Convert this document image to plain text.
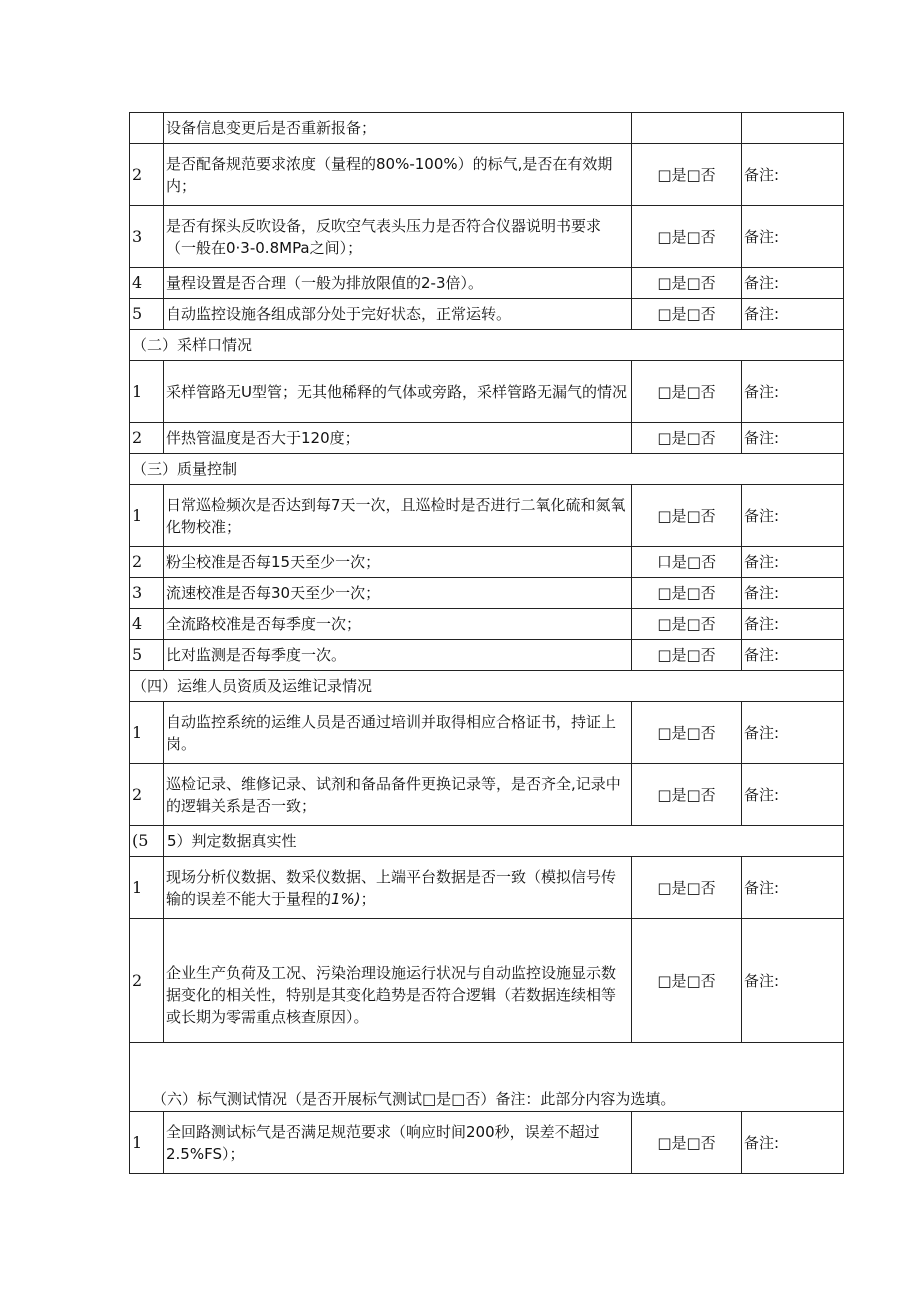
	设备信息变更后是否重新报备；		
2	是否配备规范要求浓度（量程的80%-100%）的标气,是否在有效期内；	□是□否	备注:
3	是否有探头反吹设备，反吹空气表头压力是否符合仪器说明书要求（一般在0·3-0.8MPa之间）；	□是□否	备注:
4	量程设置是否合理（一般为排放限值的2-3倍）。	□是□否	备注:
5	自动监控设施各组成部分处于完好状态，正常运转。	□是□否	备注:
（二）采样口情况			
1	采样管路无U型管；无其他稀释的气体或旁路，采样管路无漏气的情况	□是□否	备注:
2	伴热管温度是否大于120度；	□是□否	备注:
（三）质量控制			
1	日常巡检频次是否达到每7天一次，且巡检时是否进行二氧化硫和氮氧化物校准；	□是□否	备注:
2	粉尘校准是否每15天至少一次；	口是□否	备注:
3	流速校准是否每30天至少一次；	□是□否	备注:
4	全流路校准是否每季度一次；	□是□否	备注:
5	比对监测是否每季度一次。	□是□否	备注:
（四）运维人员资质及运维记录情况			
1	自动监控系统的运维人员是否通过培训并取得相应合格证书，持证上岗。	□是□否	备注:
2	巡检记录、维修记录、试剂和备品备件更换记录等，是否齐全,记录中的逻辑关系是否一致；	□是□否	备注:
(5	5）判定数据真实性		
1	现场分析仪数据、数采仪数据、上端平台数据是否一致（模拟信号传输的误差不能大于量程的1%)；	□是□否	备注:
2	企业生产负荷及工况、污染治理设施运行状况与自动监控设施显示数据变化的相关性，特别是其变化趋势是否符合逻辑（若数据连续相等或长期为零需重点核查原因）。	□是□否	备注:
（六）标气测试情况（是否开展标气测试□是□否）备注：此部分内容为选填。			
1	全回路测试标气是否满足规范要求（响应时间200秒，误差不超过2.5%FS）；	□是□否	备注:
